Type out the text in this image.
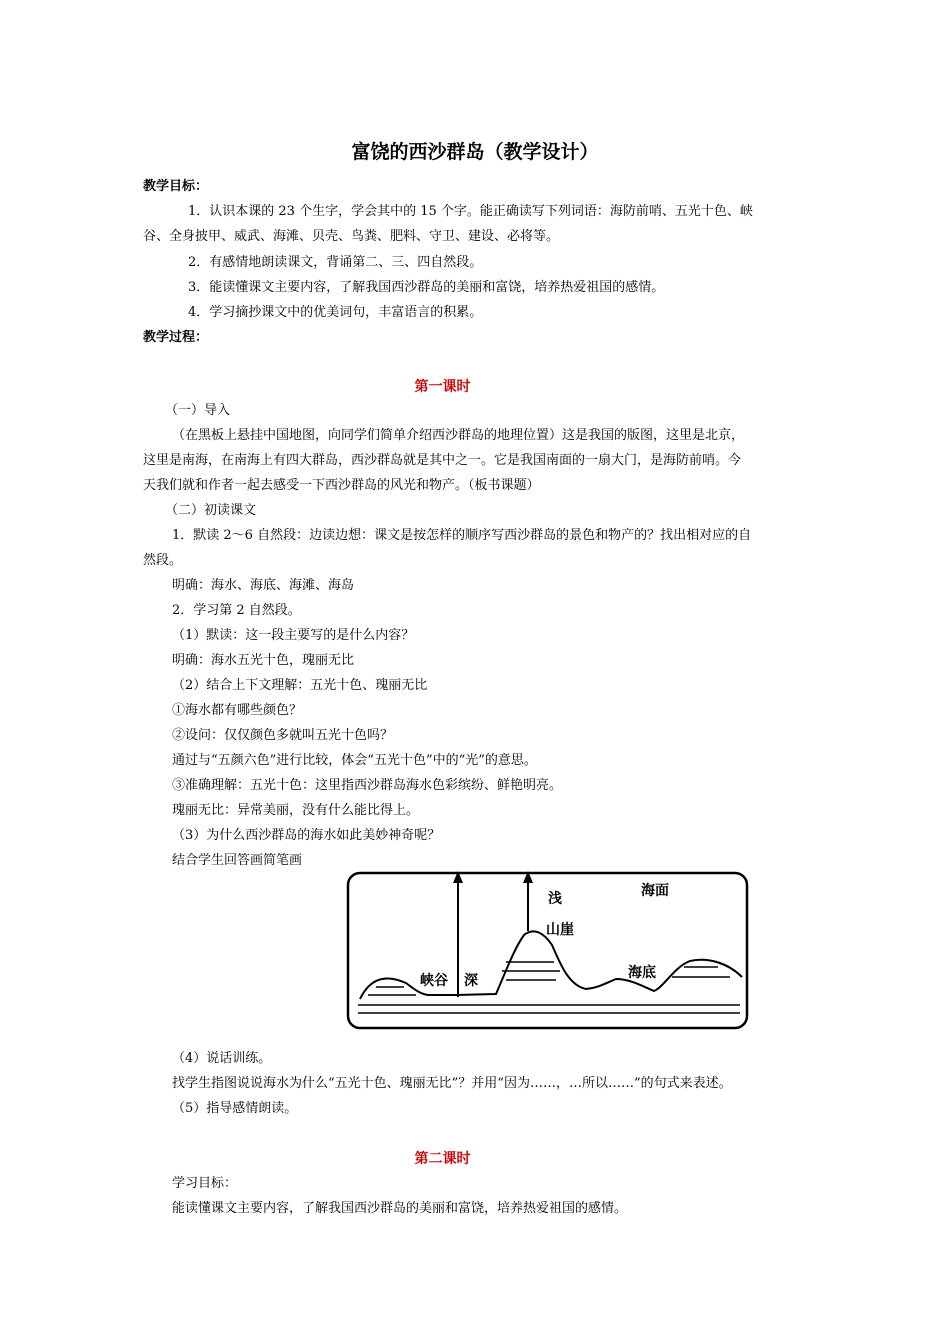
富饶的西沙群岛（教学设计）
教学目标：
1．认识本课的 23 个生字，学会其中的 15 个字。能正确读写下列词语：海防前哨、五光十色、峡
谷、全身披甲、威武、海滩、贝壳、鸟粪、肥料、守卫、建设、必将等。
2．有感情地朗读课文，背诵第二、三、四自然段。
3．能读懂课文主要内容，了解我国西沙群岛的美丽和富饶，培养热爱祖国的感情。
4．学习摘抄课文中的优美词句，丰富语言的积累。
教学过程：
第一课时
（一）导入
（在黑板上悬挂中国地图，向同学们简单介绍西沙群岛的地理位置）这是我国的版图，这里是北京，
这里是南海，在南海上有四大群岛，西沙群岛就是其中之一。它是我国南面的一扇大门，是海防前哨。今
天我们就和作者一起去感受一下西沙群岛的风光和物产。（板书课题）
（二）初读课文
1．默读 2～6 自然段：边读边想：课文是按怎样的顺序写西沙群岛的景色和物产的？找出相对应的自
然段。
明确：海水、海底、海滩、海岛
2．学习第 2 自然段。
（1）默读：这一段主要写的是什么内容？
明确：海水五光十色，瑰丽无比
（2）结合上下文理解：五光十色、瑰丽无比
①海水都有哪些颜色？
②设问：仅仅颜色多就叫五光十色吗？
通过与“五颜六色”进行比较，体会“五光十色”中的“光”的意思。
③准确理解：五光十色：这里指西沙群岛海水色彩缤纷、鲜艳明亮。
瑰丽无比：异常美丽，没有什么能比得上。
（3）为什么西沙群岛的海水如此美妙神奇呢？
结合学生回答画简笔画
海面
浅
山崖
峡谷 深	海底
（4）说话训练。
找学生指图说说海水为什么“五光十色、瑰丽无比”？并用“因为……，…所以……”的句式来表述。
（5）指导感情朗读。
第二课时
学习目标：
能读懂课文主要内容，了解我国西沙群岛的美丽和富饶，培养热爱祖国的感情。
